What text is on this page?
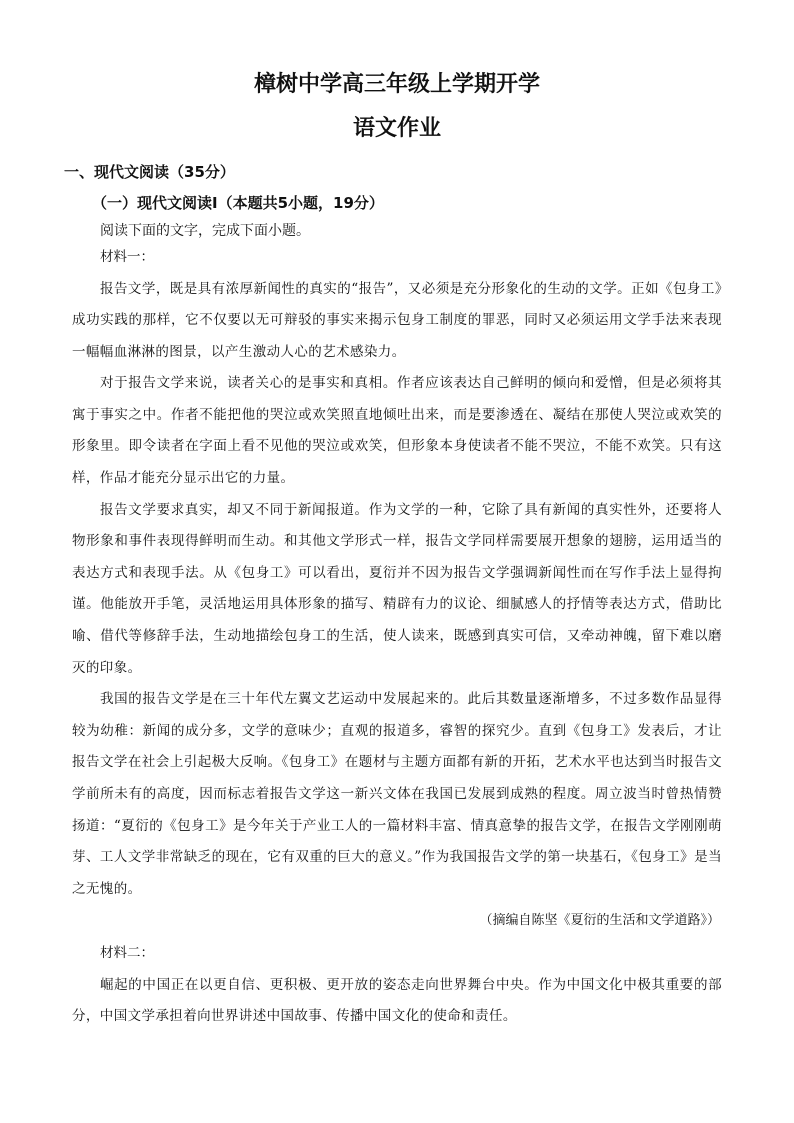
樟树中学高三年级上学期开学
语文作业
一、现代文阅读（35分）
（一）现代文阅读Ⅰ（本题共5小题，19分）

阅读下面的文字，完成下面小题。

材料一：

报告文学，既是具有浓厚新闻性的真实的“报告”，又必须是充分形象化的生动的文学。正如《包身工》成功实践的那样，它不仅要以无可辩驳的事实来揭示包身工制度的罪恶，同时又必须运用文学手法来表现一幅幅血淋淋的图景，以产生激动人心的艺术感染力。

对于报告文学来说，读者关心的是事实和真相。作者应该表达自己鲜明的倾向和爱憎，但是必须将其寓于事实之中。作者不能把他的哭泣或欢笑照直地倾吐出来，而是要渗透在、凝结在那使人哭泣或欢笑的形象里。即令读者在字面上看不见他的哭泣或欢笑，但形象本身使读者不能不哭泣，不能不欢笑。只有这样，作品才能充分显示出它的力量。

报告文学要求真实，却又不同于新闻报道。作为文学的一种，它除了具有新闻的真实性外，还要将人物形象和事件表现得鲜明而生动。和其他文学形式一样，报告文学同样需要展开想象的翅膀，运用适当的表达方式和表现手法。从《包身工》可以看出，夏衍并不因为报告文学强调新闻性而在写作手法上显得拘谨。他能放开手笔，灵活地运用具体形象的描写、精辟有力的议论、细腻感人的抒情等表达方式，借助比喻、借代等修辞手法，生动地描绘包身工的生活，使人读来，既感到真实可信，又牵动神魄，留下难以磨灭的印象。

我国的报告文学是在三十年代左翼文艺运动中发展起来的。此后其数量逐渐增多，不过多数作品显得较为幼稚：新闻的成分多，文学的意味少；直观的报道多，睿智的探究少。直到《包身工》发表后，才让报告文学在社会上引起极大反响。《包身工》在题材与主题方面都有新的开拓，艺术水平也达到当时报告文学前所未有的高度，因而标志着报告文学这一新兴文体在我国已发展到成熟的程度。周立波当时曾热情赞扬道：“夏衍的《包身工》是今年关于产业工人的一篇材料丰富、情真意挚的报告文学，在报告文学刚刚萌芽、工人文学非常缺乏的现在，它有双重的巨大的意义。”作为我国报告文学的第一块基石，《包身工》是当之无愧的。

（摘编自陈坚《夏衍的生活和文学道路》）

材料二：

崛起的中国正在以更自信、更积极、更开放的姿态走向世界舞台中央。作为中国文化中极其重要的部分，中国文学承担着向世界讲述中国故事、传播中国文化的使命和责任。
